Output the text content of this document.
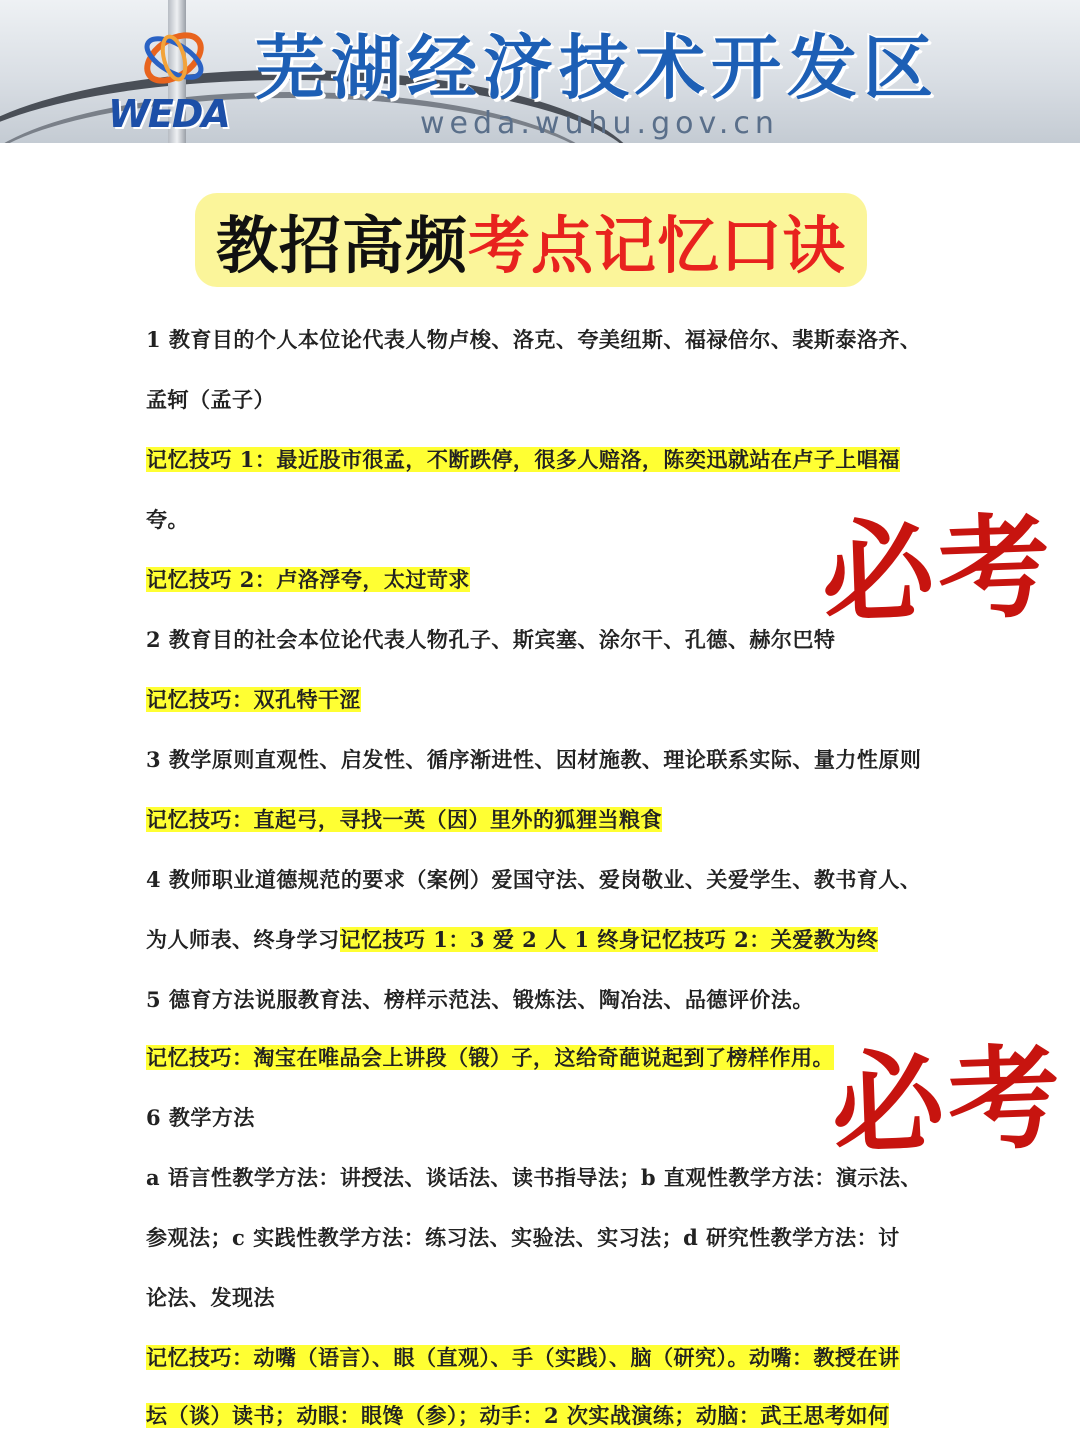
WEDA
芜湖经济技术开发区
weda.wuhu.gov.cn
教招高频 考点记忆口诀
1 教育目的个人本位论代表人物卢梭、洛克、夸美纽斯、福禄倍尔、裴斯泰洛齐、
孟轲（孟子）
记忆技巧 1：最近股市很孟，不断跌停，很多人赔洛，陈奕迅就站在卢子上唱福
夸。
记忆技巧 2：卢洛浮夸，太过苛求
2 教育目的社会本位论代表人物孔子、斯宾塞、涂尔干、孔德、赫尔巴特
记忆技巧：双孔特干涩
3 教学原则直观性、启发性、循序渐进性、因材施教、理论联系实际、量力性原则
记忆技巧：直起弓，寻找一英（因）里外的狐狸当粮食
4 教师职业道德规范的要求（案例）爱国守法、爱岗敬业、关爱学生、教书育人、
为人师表、终身学习记忆技巧 1：3 爱 2 人 1 终身记忆技巧 2：关爱教为终
5 德育方法说服教育法、榜样示范法、锻炼法、陶冶法、品德评价法。
记忆技巧：淘宝在唯品会上讲段（锻）子，这给奇葩说起到了榜样作用。
6 教学方法
a 语言性教学方法：讲授法、谈话法、读书指导法；b 直观性教学方法：演示法、
参观法；c 实践性教学方法：练习法、实验法、实习法；d 研究性教学方法：讨
论法、发现法
记忆技巧：动嘴（语言）、眼（直观）、手（实践）、脑（研究）。动嘴：教授在讲
坛（谈）读书；动眼：眼馋（参）；动手：2 次实战演练；动脑：武王思考如何
必考
必考
